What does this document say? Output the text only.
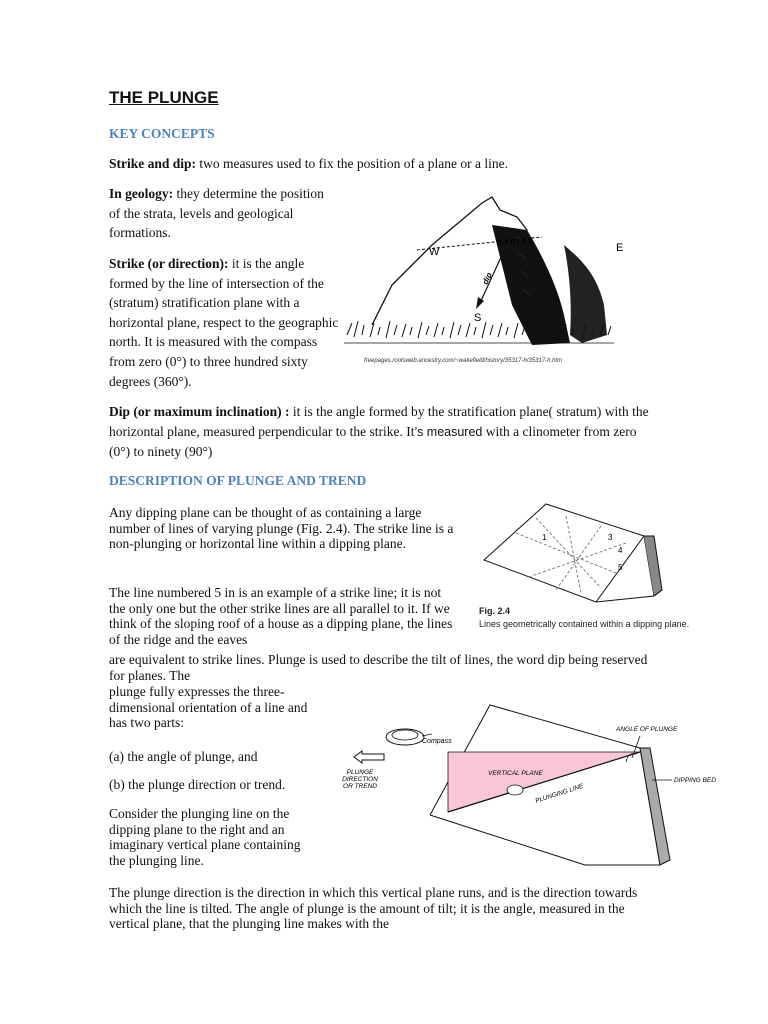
THE PLUNGE
KEY CONCEPTS
Strike and dip: two measures used to fix the position of a plane or a line.
In geology: they determine the position of the strata, levels and geological formations.
Strike (or direction): it is the angle formed by the line of intersection of the (stratum) stratification plane with a horizontal plane, respect to the geographic north. It is measured with the compass from zero (0°) to three hundred sixty degrees (360°).
Dip (or maximum inclination) : it is the angle formed by the stratification plane( stratum) with the horizontal plane, measured perpendicular to the strike. It’s measured with a clinometer from zero (0°) to ninety (90°)
W	E
S
STRIKE
dip
freepages.rootsweb.ancestry.com/~wakefield/history/35317-h/35317-h.htm
DESCRIPTION OF PLUNGE AND TREND
Any dipping plane can be thought of as containing a large number of lines of varying plunge (Fig. 2.4). The strike line is a non-plunging or horizontal line within a dipping plane.
The line numbered 5 in is an example of a strike line; it is not the only one but the other strike lines are all parallel to it. If we think of the sloping roof of a house as a dipping plane, the lines of the ridge and the eaves
are equivalent to strike lines. Plunge is used to describe the tilt of lines, the word dip being reserved for planes. The
plunge fully expresses the three-dimensional orientation of a line and has two parts:
(a) the angle of plunge, and
(b) the plunge direction or trend.
Consider the plunging line on the dipping plane to the right and an imaginary vertical plane containing the plunging line.
The plunge direction is the direction in which this vertical plane runs, and is the direction towards which the line is tilted. The angle of plunge is the amount of tilt; it is the angle, measured in the vertical plane, that the plunging line makes with the
1	3
4
5
Fig. 2.4
Lines geometrically contained within a dipping plane.
Compass
PLUNGE
DIRECTION
OR TREND
ANGLE OF PLUNGE
VERTICAL PLANE
PLUNGING LINE
DIPPING BED
